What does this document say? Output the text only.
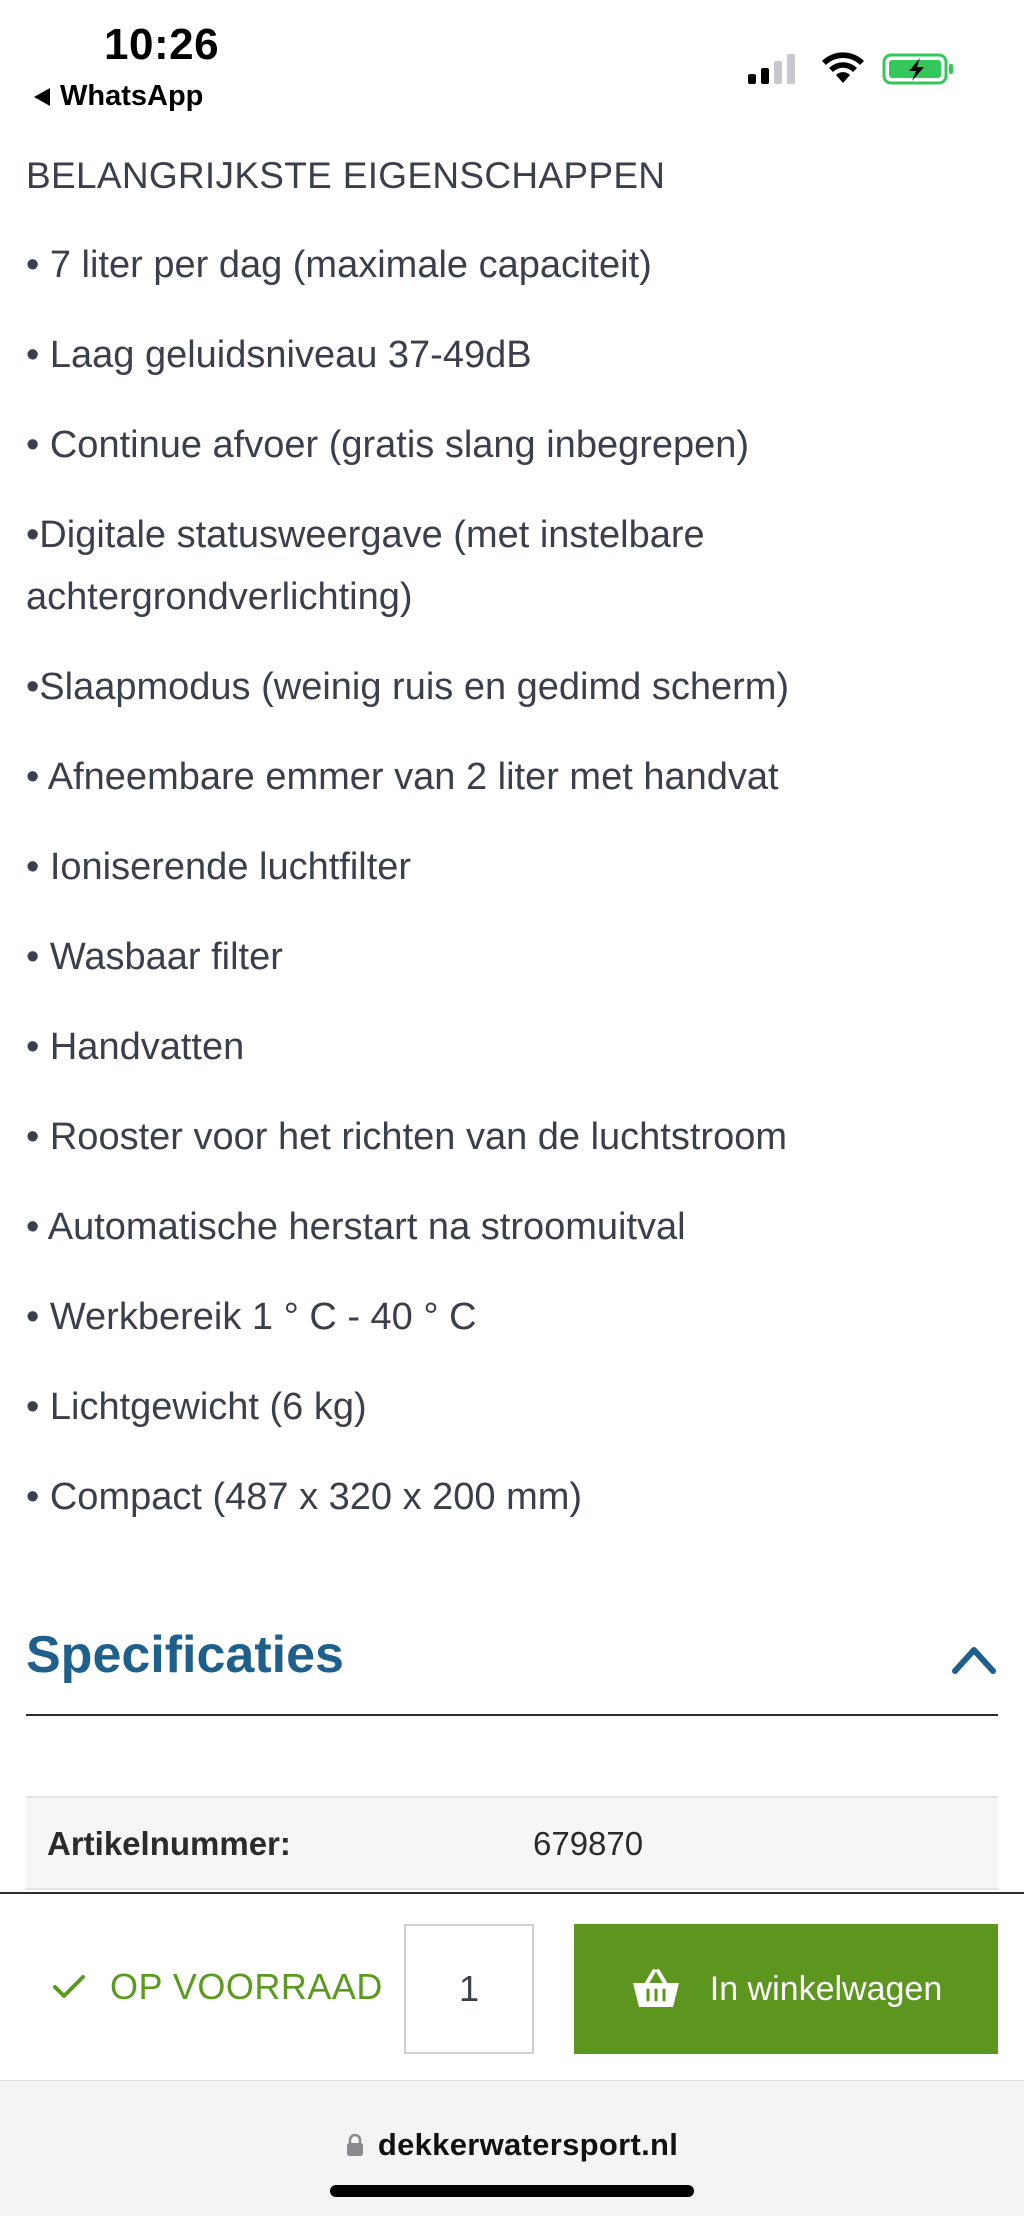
10:26
WhatsApp
BELANGRIJKSTE EIGENSCHAPPEN
• 7 liter per dag (maximale capaciteit)
• Laag geluidsniveau 37-49dB
• Continue afvoer (gratis slang inbegrepen)
•Digitale statusweergave (met instelbare achtergrondverlichting)
•Slaapmodus (weinig ruis en gedimd scherm)
• Afneembare emmer van 2 liter met handvat
• Ioniserende luchtfilter
• Wasbaar filter
• Handvatten
• Rooster voor het richten van de luchtstroom
• Automatische herstart na stroomuitval
• Werkbereik 1 ° C - 40 ° C
• Lichtgewicht (6 kg)
• Compact (487 x 320 x 200 mm)
Specificaties
Artikelnummer:	679870
OP VOORRAAD
1	In winkelwagen
dekkerwatersport.nl
